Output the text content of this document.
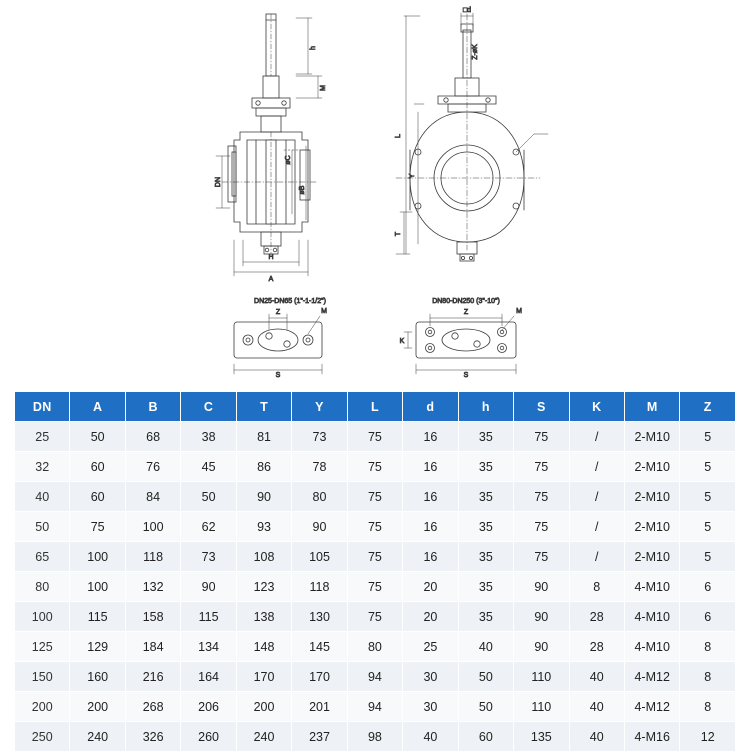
DN
øC
øB
A
H
h
M
L
Y
T
□d
Z-øK
S
Z	M
DN25-DN65 (1"-1-1/2")
S
Z
K
M
DN80-DN250 (3"-10")
DN	A	B	C	T	Y	L	d	h	S	K	M	Z
25	50	68	38	81	73	75	16	35	75	/	2-M10	5
32	60	76	45	86	78	75	16	35	75	/	2-M10	5
40	60	84	50	90	80	75	16	35	75	/	2-M10	5
50	75	100	62	93	90	75	16	35	75	/	2-M10	5
65	100	118	73	108	105	75	16	35	75	/	2-M10	5
80	100	132	90	123	118	75	20	35	90	8	4-M10	6
100	115	158	115	138	130	75	20	35	90	28	4-M10	6
125	129	184	134	148	145	80	25	40	90	28	4-M10	8
150	160	216	164	170	170	94	30	50	110	40	4-M12	8
200	200	268	206	200	201	94	30	50	110	40	4-M12	8
250	240	326	260	240	237	98	40	60	135	40	4-M16	12
